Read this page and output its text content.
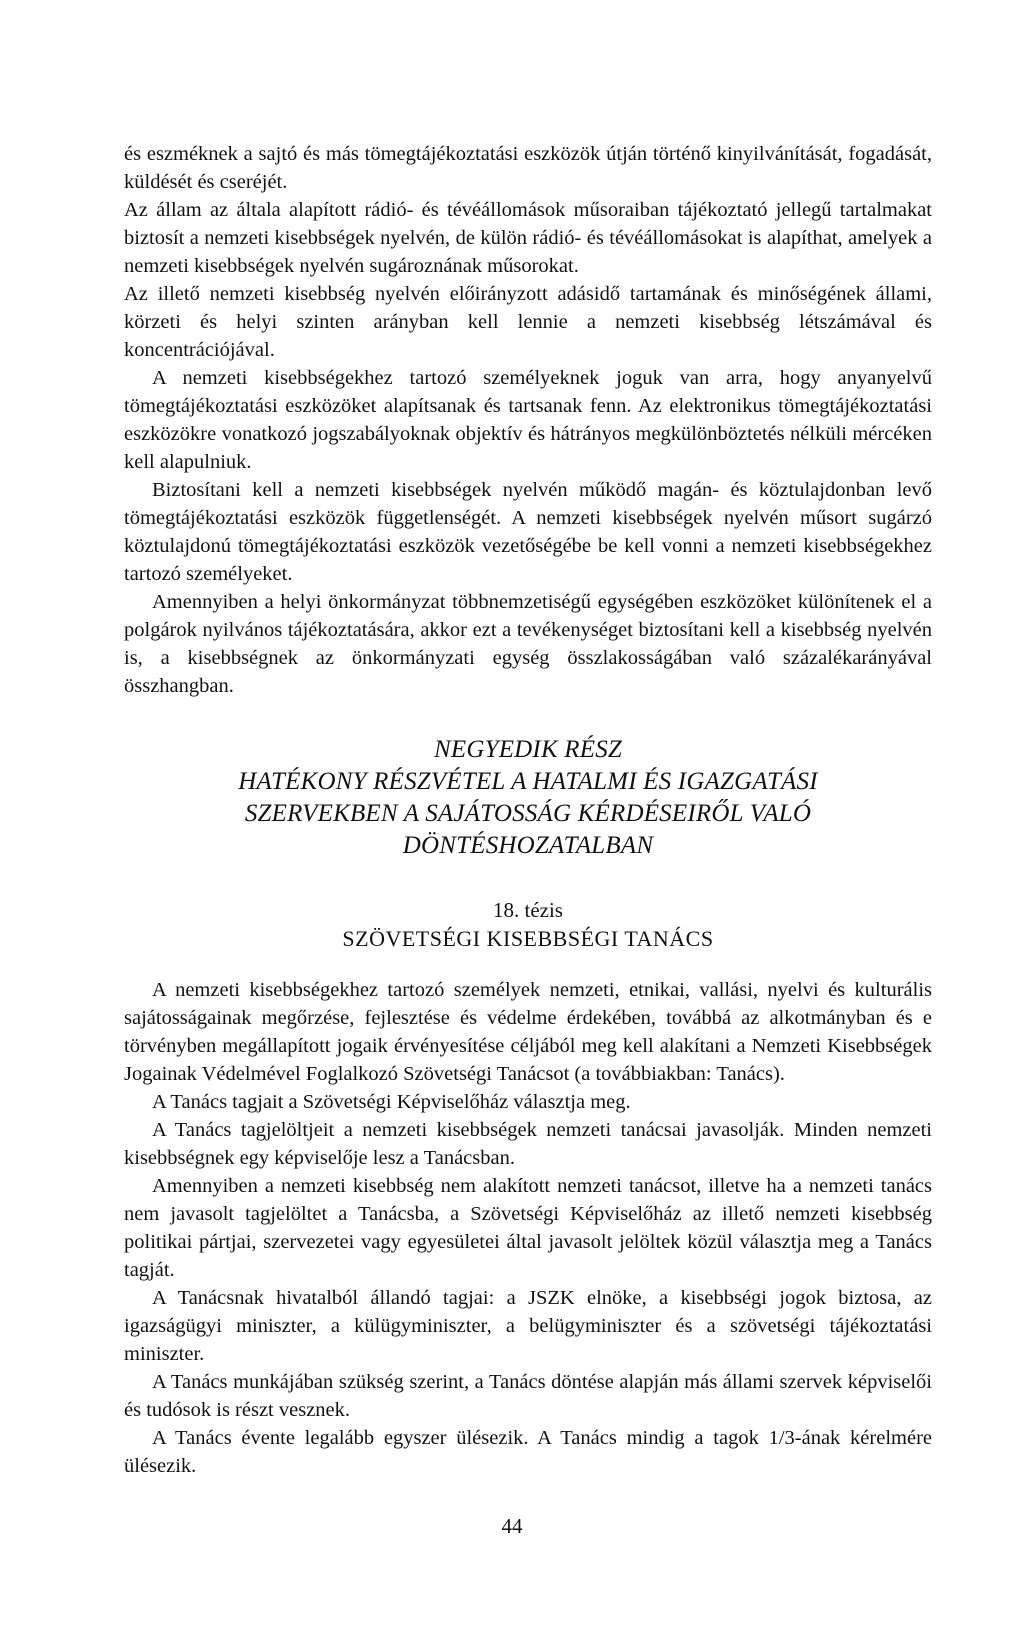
és eszméknek a sajtó és más tömegtájékoztatási eszközök útján történő kinyilvánítását, fogadását, küldését és cseréjét.

Az állam az általa alapított rádió- és tévéállomások műsoraiban tájékoztató jellegű tartalmakat biztosít a nemzeti kisebbségek nyelvén, de külön rádió- és tévéállomásokat is alapíthat, amelyek a nemzeti kisebbségek nyelvén sugároznának műsorokat.

Az illető nemzeti kisebbség nyelvén előirányzott adásidő tartamának és minőségének állami, körzeti és helyi szinten arányban kell lennie a nemzeti kisebbség létszámával és koncentrációjával.

A nemzeti kisebbségekhez tartozó személyeknek joguk van arra, hogy anyanyelvű tömegtájékoztatási eszközöket alapítsanak és tartsanak fenn. Az elektronikus tömegtájékoztatási eszközökre vonatkozó jogszabályoknak objektív és hátrányos megkülönböztetés nélküli mércéken kell alapulniuk.

Biztosítani kell a nemzeti kisebbségek nyelvén működő magán- és köztulajdonban levő tömegtájékoztatási eszközök függetlenségét. A nemzeti kisebbségek nyelvén műsort sugárzó köztulajdonú tömegtájékoztatási eszközök vezetőségébe be kell vonni a nemzeti kisebbségekhez tartozó személyeket.

Amennyiben a helyi önkormányzat többnemzetiségű egységében eszközöket különítenek el a polgárok nyilvános tájékoztatására, akkor ezt a tevékenységet biztosítani kell a kisebbség nyelvén is, a kisebbségnek az önkormányzati egység összlakosságában való százalékarányával összhangban.

NEGYEDIK RÉSZ

HATÉKONY RÉSZVÉTEL A HATALMI ÉS IGAZGATÁSI

SZERVEKBEN A SAJÁTOSSÁG KÉRDÉSEIRŐL VALÓ

DÖNTÉSHOZATALBAN

18. tézis

SZÖVETSÉGI KISEBBSÉGI TANÁCS

A nemzeti kisebbségekhez tartozó személyek nemzeti, etnikai, vallási, nyelvi és kulturális sajátosságainak megőrzése, fejlesztése és védelme érdekében, továbbá az alkotmányban és e törvényben megállapított jogaik érvényesítése céljából meg kell alakítani a Nemzeti Kisebbségek Jogainak Védelmével Foglalkozó Szövetségi Tanácsot (a továbbiakban: Tanács).

A Tanács tagjait a Szövetségi Képviselőház választja meg.

A Tanács tagjelöltjeit a nemzeti kisebbségek nemzeti tanácsai javasolják. Minden nemzeti kisebbségnek egy képviselője lesz a Tanácsban.

Amennyiben a nemzeti kisebbség nem alakított nemzeti tanácsot, illetve ha a nemzeti tanács nem javasolt tagjelöltet a Tanácsba, a Szövetségi Képviselőház az illető nemzeti kisebbség politikai pártjai, szervezetei vagy egyesületei által javasolt jelöltek közül választja meg a Tanács tagját.

A Tanácsnak hivatalból állandó tagjai: a JSZK elnöke, a kisebbségi jogok biztosa, az igazságügyi miniszter, a külügyminiszter, a belügyminiszter és a szövetségi tájékoztatási miniszter.

A Tanács munkájában szükség szerint, a Tanács döntése alapján más állami szervek képviselői és tudósok is részt vesznek.

A Tanács évente legalább egyszer ülésezik. A Tanács mindig a tagok 1/3-ának kérelmére ülésezik.

44
